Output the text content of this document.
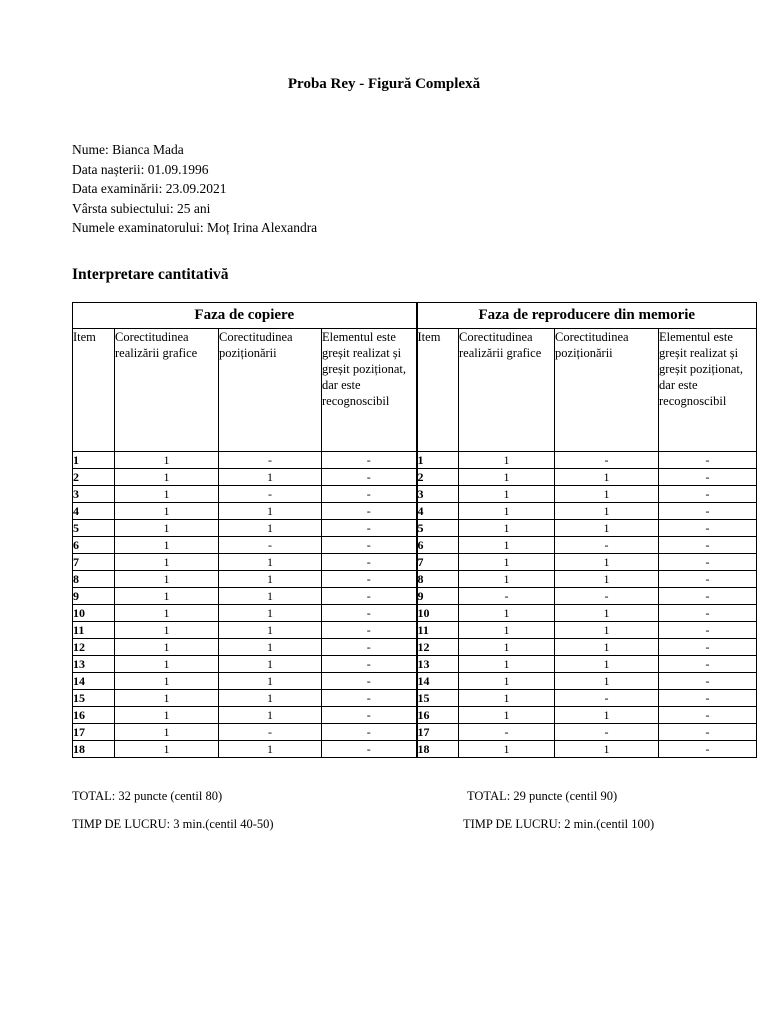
Proba Rey - Figură Complexă
Nume: Bianca Mada
Data nașterii: 01.09.1996
Data examinării: 23.09.2021
Vârsta subiectului: 25 ani
Numele examinatorului: Moț Irina Alexandra
Interpretare cantitativă
Faza de copiere				Faza de reproducere din memorie			
Item	Corectitudinea realizării grafice	Corectitudinea poziționării	Elementul este greșit realizat și greșit poziționat, dar este recognoscibil	Item	Corectitudinea realizării grafice	Corectitudinea poziționării	Elementul este greșit realizat și greșit poziționat, dar este recognoscibil
1	1	-	-	1	1	-	-
2	1	1	-	2	1	1	-
3	1	-	-	3	1	1	-
4	1	1	-	4	1	1	-
5	1	1	-	5	1	1	-
6	1	-	-	6	1	-	-
7	1	1	-	7	1	1	-
8	1	1	-	8	1	1	-
9	1	1	-	9	-	-	-
10	1	1	-	10	1	1	-
11	1	1	-	11	1	1	-
12	1	1	-	12	1	1	-
13	1	1	-	13	1	1	-
14	1	1	-	14	1	1	-
15	1	1	-	15	1	-	-
16	1	1	-	16	1	1	-
17	1	-	-	17	-	-	-
18	1	1	-	18	1	1	-
TOTAL: 32 puncte (centil 80)
TIMP DE LUCRU: 3 min.(centil 40-50)
TOTAL: 29 puncte (centil 90)
TIMP DE LUCRU: 2 min.(centil 100)
